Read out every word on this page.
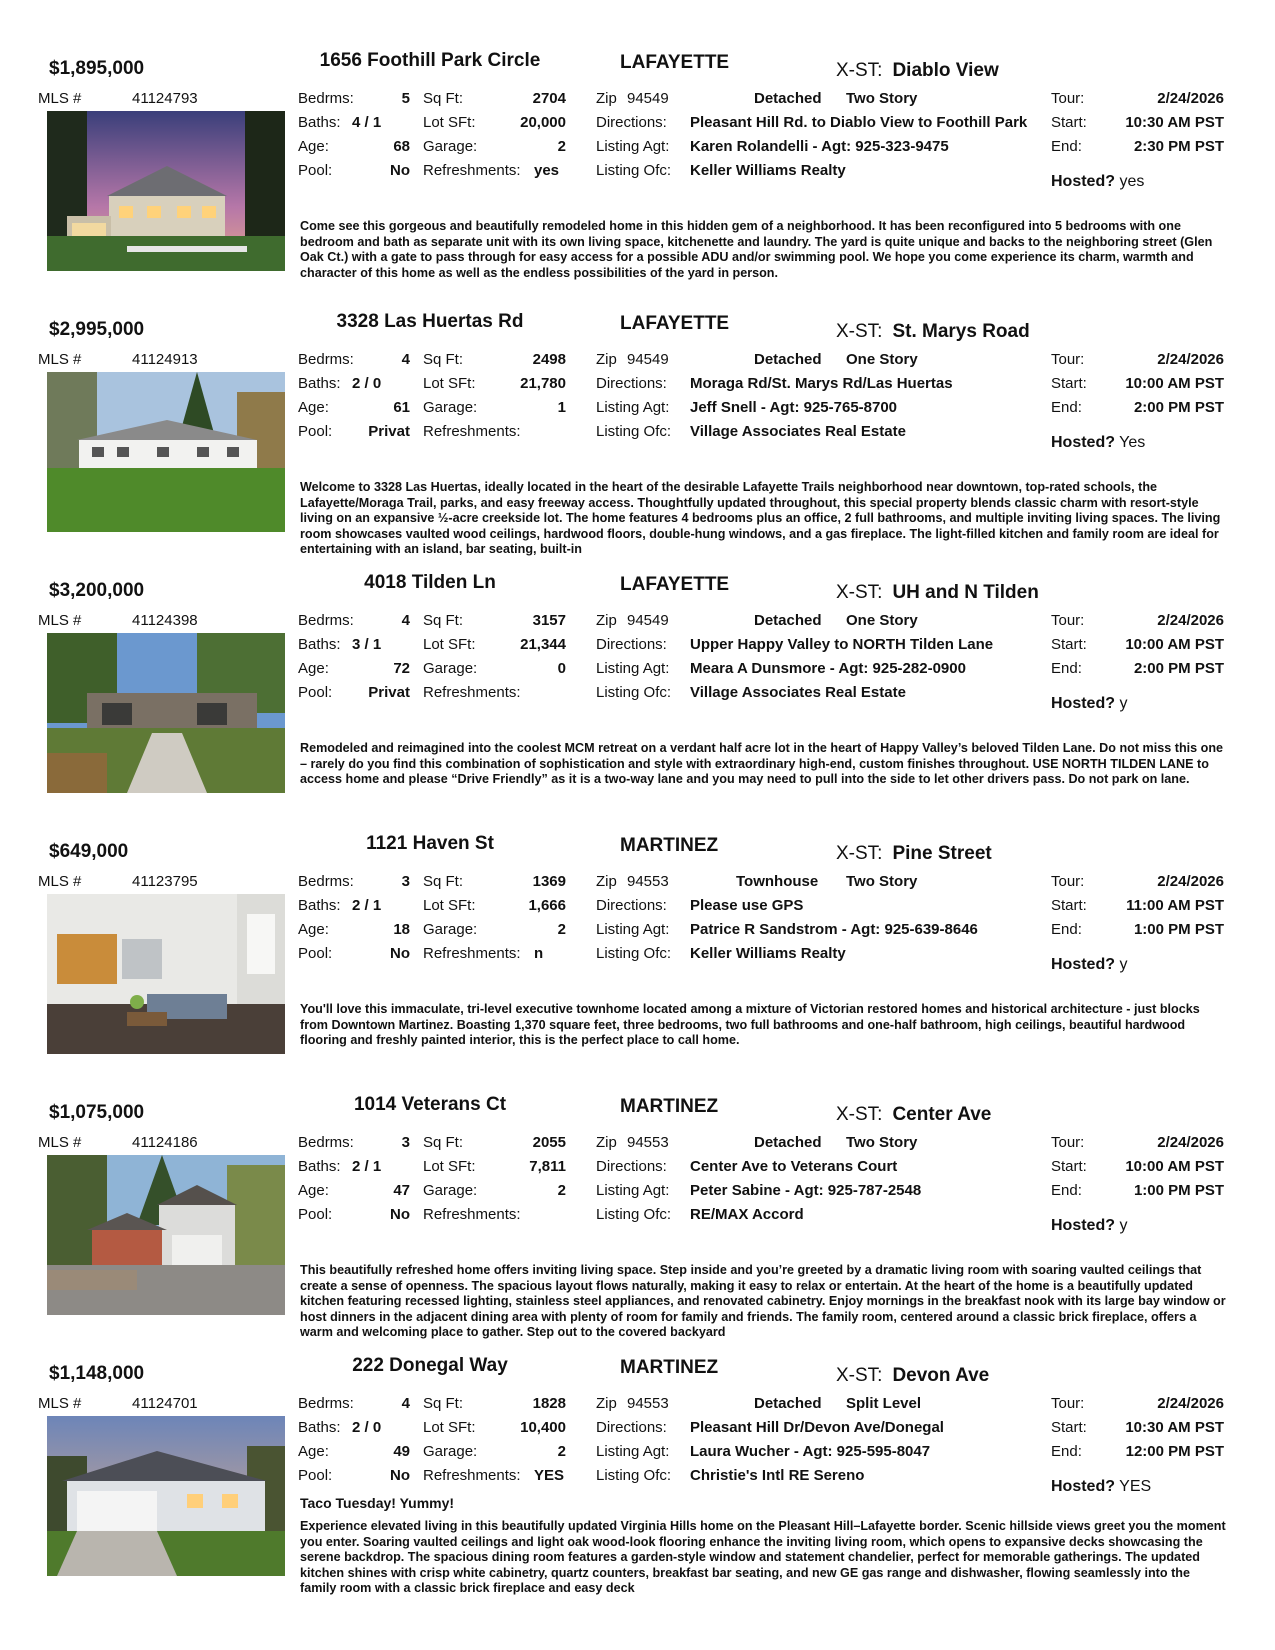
$1,895,000	1656 Foothill Park Circle	LAFAYETTE	X-ST: Diablo View
MLS #	41124793	Bedrms:	5
Baths: 4 / 1
Age:	68
Pool:	No
Sq Ft:	2704
Lot SFt:	20,000
Garage:	2
Refreshments: yes
Zip 94549	Detached Two Story
Directions: Pleasant Hill Rd. to Diablo View to Foothill Park
Listing Agt: Karen Rolandelli - Agt: 925-323-9475
Listing Ofc: Keller Williams Realty
Tour:	2/24/2026
Start:	10:30 AM PST
End:	2:30 PM PST
Hosted? yes
Come see this gorgeous and beautifully remodeled home in this hidden gem of a neighborhood. It has been reconfigured into 5 bedrooms with one bedroom and bath as separate unit with its own living space, kitchenette and laundry. The yard is quite unique and backs to the neighboring street (Glen Oak Ct.) with a gate to pass through for easy access for a possible ADU and/or swimming pool. We hope you come experience its charm, warmth and character of this home as well as the endless possibilities of the yard in person.
$2,995,000	3328 Las Huertas Rd	LAFAYETTE	X-ST: St. Marys Road
MLS #	41124913	Bedrms:	4
Baths: 2 / 0
Age:	61
Pool:	Privat
Sq Ft:	2498
Lot SFt:	21,780
Garage:	1
Refreshments:
Zip 94549	Detached One Story
Directions: Moraga Rd/St. Marys Rd/Las Huertas
Listing Agt: Jeff Snell - Agt: 925-765-8700
Listing Ofc: Village Associates Real Estate
Tour:	2/24/2026
Start:	10:00 AM PST
End:	2:00 PM PST
Hosted? Yes
Welcome to 3328 Las Huertas, ideally located in the heart of the desirable Lafayette Trails neighborhood near downtown, top-rated schools, the Lafayette/Moraga Trail, parks, and easy freeway access. Thoughtfully updated throughout, this special property blends classic charm with resort-style living on an expansive ½-acre creekside lot. The home features 4 bedrooms plus an office, 2 full bathrooms, and multiple inviting living spaces. The living room showcases vaulted wood ceilings, hardwood floors, double-hung windows, and a gas fireplace. The light-filled kitchen and family room are ideal for entertaining with an island, bar seating, built-in
$3,200,000	4018 Tilden Ln	LAFAYETTE	X-ST: UH and N Tilden
MLS #	41124398	Bedrms:	4
Baths: 3 / 1
Age:	72
Pool:	Privat
Sq Ft:	3157
Lot SFt:	21,344
Garage:	0
Refreshments:
Zip 94549	Detached One Story
Directions: Upper Happy Valley to NORTH Tilden Lane
Listing Agt: Meara A Dunsmore - Agt: 925-282-0900
Listing Ofc: Village Associates Real Estate
Tour:	2/24/2026
Start:	10:00 AM PST
End:	2:00 PM PST
Hosted? y
Remodeled and reimagined into the coolest MCM retreat on a verdant half acre lot in the heart of Happy Valley’s beloved Tilden Lane. Do not miss this one – rarely do you find this combination of sophistication and style with extraordinary high-end, custom finishes throughout. USE NORTH TILDEN LANE to access home and please “Drive Friendly” as it is a two-way lane and you may need to pull into the side to let other drivers pass. Do not park on lane.
$649,000	1121 Haven St	MARTINEZ	X-ST: Pine Street
MLS #	41123795	Bedrms:	3
Baths: 2 / 1
Age:	18
Pool:	No
Sq Ft:	1369
Lot SFt:	1,666
Garage:	2
Refreshments: n
Zip 94553	Townhouse Two Story
Directions: Please use GPS
Listing Agt: Patrice R Sandstrom - Agt: 925-639-8646
Listing Ofc: Keller Williams Realty
Tour:	2/24/2026
Start:	11:00 AM PST
End:	1:00 PM PST
Hosted? y
You'll love this immaculate, tri-level executive townhome located among a mixture of Victorian restored homes and historical architecture - just blocks from Downtown Martinez. Boasting 1,370 square feet, three bedrooms, two full bathrooms and one-half bathroom, high ceilings, beautiful hardwood flooring and freshly painted interior, this is the perfect place to call home.
$1,075,000	1014 Veterans Ct	MARTINEZ	X-ST: Center Ave
MLS #	41124186	Bedrms:	3
Baths: 2 / 1
Age:	47
Pool:	No
Sq Ft:	2055
Lot SFt:	7,811
Garage:	2
Refreshments:
Zip 94553	Detached Two Story
Directions: Center Ave to Veterans Court
Listing Agt: Peter Sabine - Agt: 925-787-2548
Listing Ofc: RE/MAX Accord
Tour:	2/24/2026
Start:	10:00 AM PST
End:	1:00 PM PST
Hosted? y
This beautifully refreshed home offers inviting living space. Step inside and you’re greeted by a dramatic living room with soaring vaulted ceilings that create a sense of openness. The spacious layout flows naturally, making it easy to relax or entertain. At the heart of the home is a beautifully updated kitchen featuring recessed lighting, stainless steel appliances, and renovated cabinetry. Enjoy mornings in the breakfast nook with its large bay window or host dinners in the adjacent dining area with plenty of room for family and friends. The family room, centered around a classic brick fireplace, offers a warm and welcoming place to gather. Step out to the covered backyard
$1,148,000	222 Donegal Way	MARTINEZ	X-ST: Devon Ave
MLS #	41124701	Bedrms:	4
Baths: 2 / 0
Age:	49
Pool:	No
Sq Ft:	1828
Lot SFt:	10,400
Garage:	2
Refreshments: YES
Zip 94553	Detached Split Level
Directions: Pleasant Hill Dr/Devon Ave/Donegal
Listing Agt: Laura Wucher - Agt: 925-595-8047
Listing Ofc: Christie's Intl RE Sereno
Tour:	2/24/2026
Start:	10:30 AM PST
End:	12:00 PM PST
Hosted? YES
Taco Tuesday! Yummy!
Experience elevated living in this beautifully updated Virginia Hills home on the Pleasant Hill–Lafayette border. Scenic hillside views greet you the moment you enter. Soaring vaulted ceilings and light oak wood-look flooring enhance the inviting living room, which opens to expansive decks showcasing the serene backdrop. The spacious dining room features a garden-style window and statement chandelier, perfect for memorable gatherings. The updated kitchen shines with crisp white cabinetry, quartz counters, breakfast bar seating, and new GE gas range and dishwasher, flowing seamlessly into the family room with a classic brick fireplace and easy deck
